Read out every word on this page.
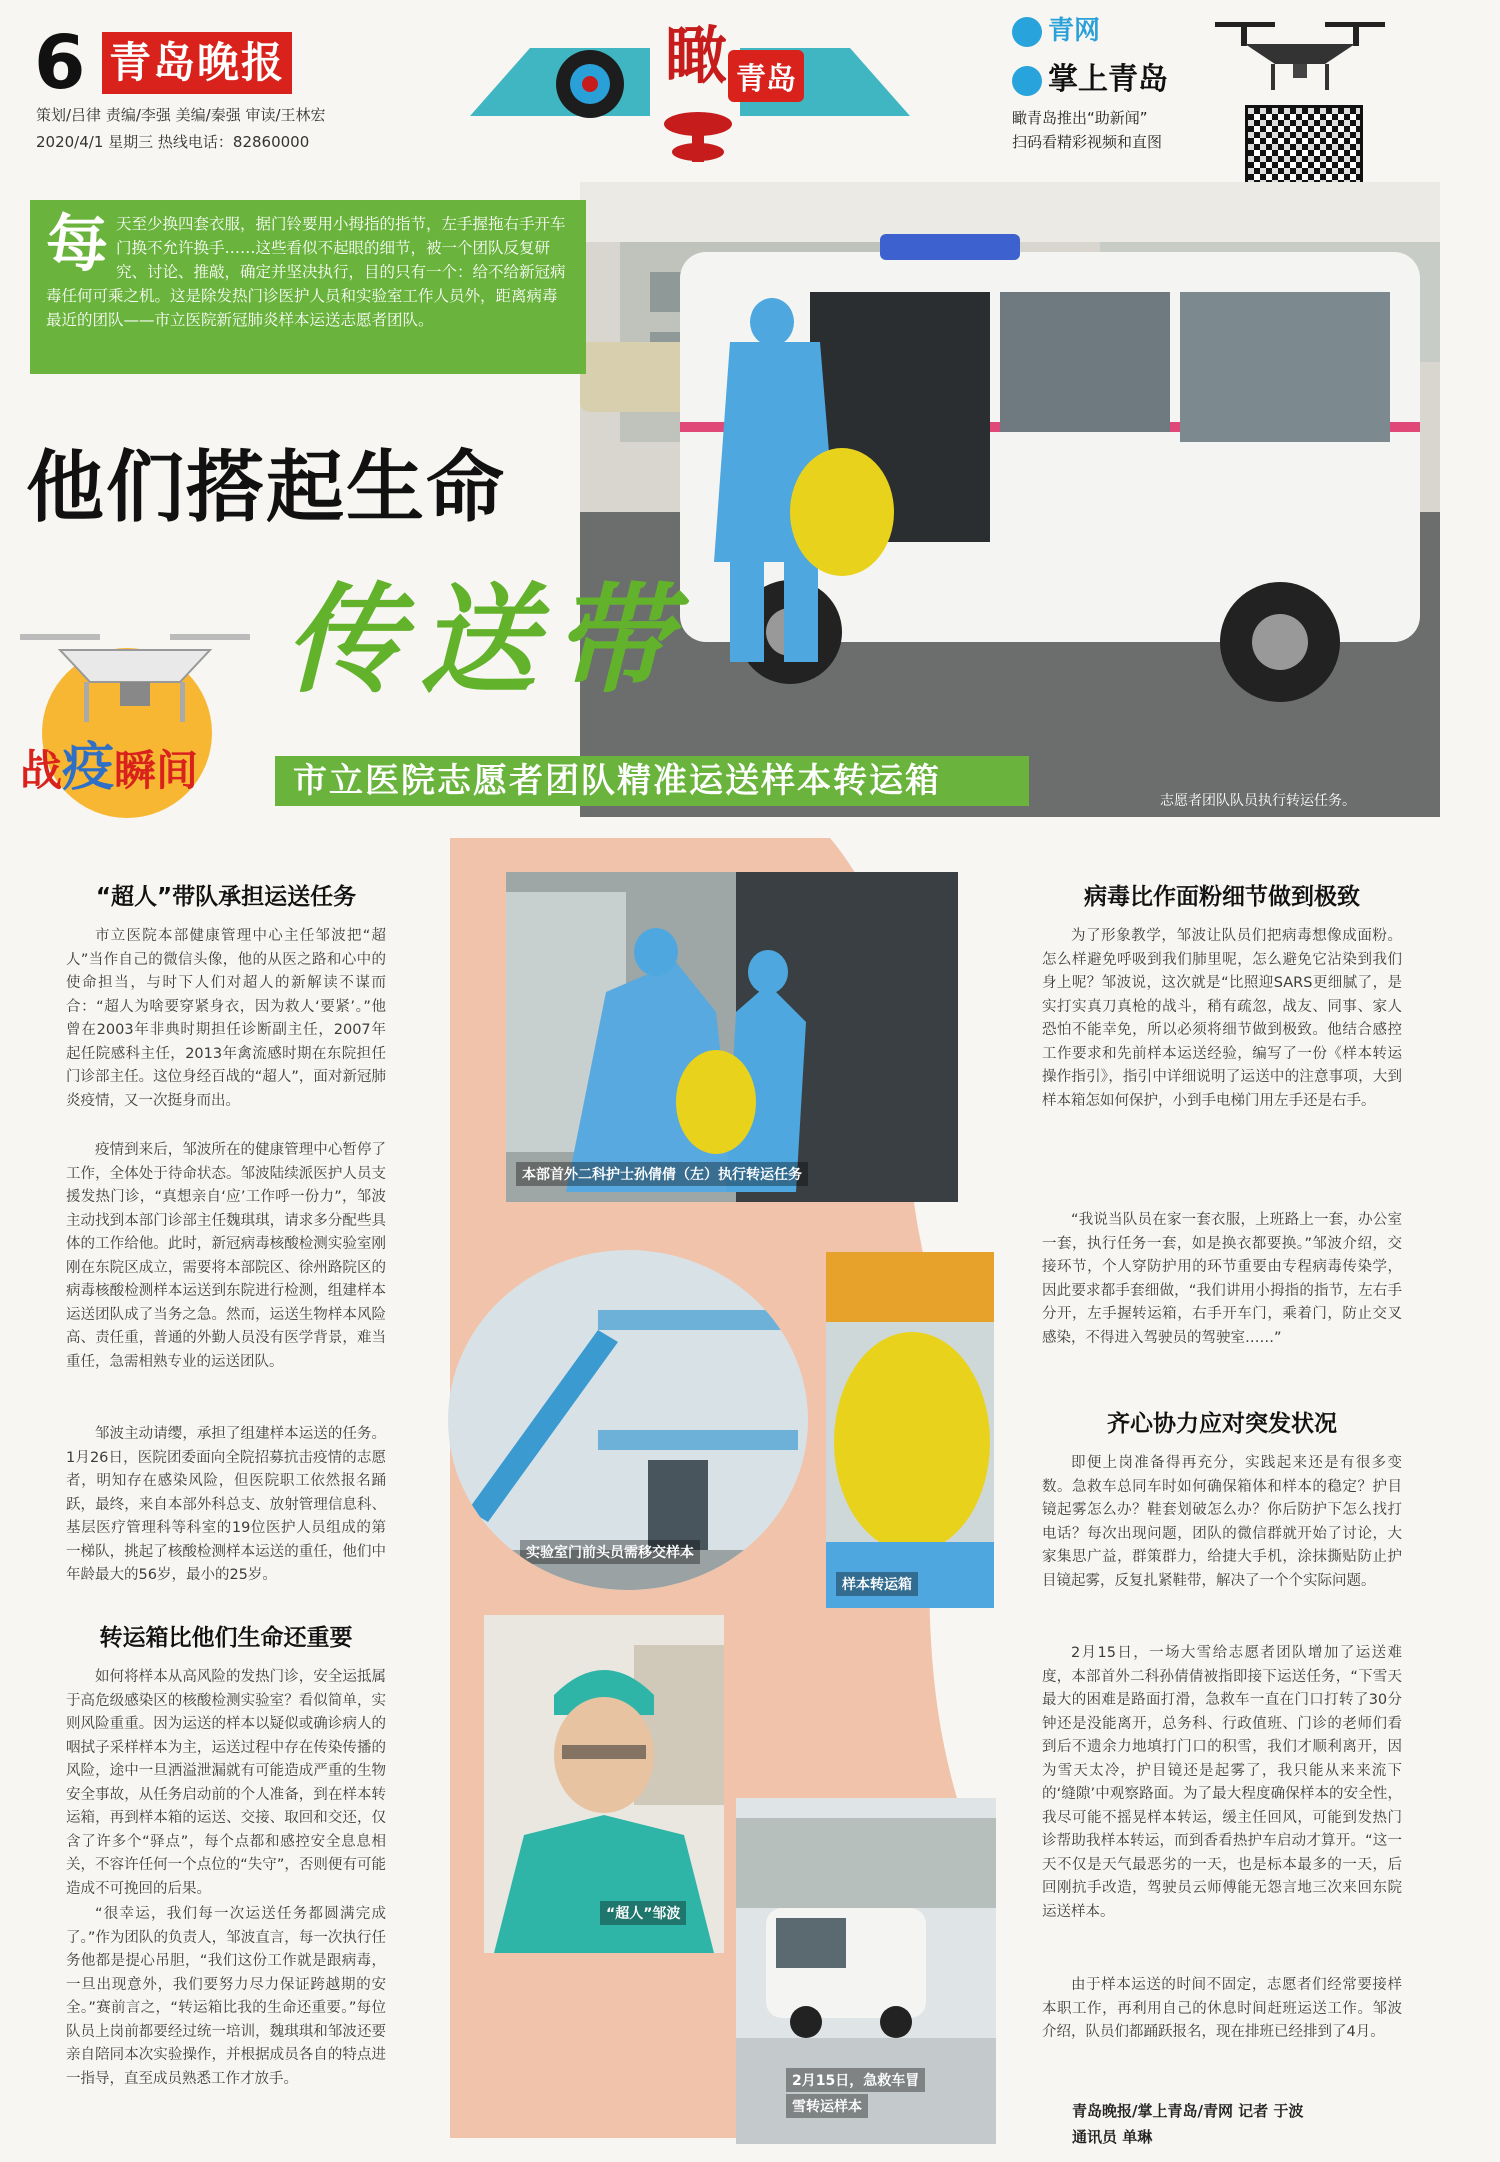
6 青岛晚报
策划/吕律 责编/李强 美编/秦强 审读/王林宏
2020/4/1 星期三 热线电话：82860000
瞰 青岛
青网
掌上青岛
瞰青岛推出“助新闻”
扫码看精彩视频和直图
每 天至少换四套衣服，据门铃要用小拇指的指节，左手握拖右手开车门换不允许换手……这些看似不起眼的细节，被一个团队反复研究、讨论、推敲，确定并坚决执行，目的只有一个：给不给新冠病毒任何可乘之机。这是除发热门诊医护人员和实验室工作人员外，距离病毒最近的团队——市立医院新冠肺炎样本运送志愿者团队。
他们搭起生命
传送带
市立医院志愿者团队精准运送样本转运箱	志愿者团队队员执行转运任务。
战疫瞬间
“超人”带队承担运送任务

市立医院本部健康管理中心主任邹波把“超人”当作自己的微信头像，他的从医之路和心中的使命担当，与时下人们对超人的新解读不谋而合：“超人为啥要穿紧身衣，因为救人‘要紧’。”他曾在2003年非典时期担任诊断副主任，2007年起任院感科主任，2013年禽流感时期在东院担任门诊部主任。这位身经百战的“超人”，面对新冠肺炎疫情，又一次挺身而出。

疫情到来后，邹波所在的健康管理中心暂停了工作，全体处于待命状态。邹波陆续派医护人员支援发热门诊，“真想亲自‘应’工作呼一份力”，邹波主动找到本部门诊部主任魏琪琪，请求多分配些具体的工作给他。此时，新冠病毒核酸检测实验室刚刚在东院区成立，需要将本部院区、徐州路院区的病毒核酸检测样本运送到东院进行检测，组建样本运送团队成了当务之急。然而，运送生物样本风险高、责任重，普通的外勤人员没有医学背景，难当重任，急需相熟专业的运送团队。

邹波主动请缨，承担了组建样本运送的任务。1月26日，医院团委面向全院招募抗击疫情的志愿者，明知存在感染风险，但医院职工依然报名踊跃，最终，来自本部外科总支、放射管理信息科、基层医疗管理科等科室的19位医护人员组成的第一梯队，挑起了核酸检测样本运送的重任，他们中年龄最大的56岁，最小的25岁。

转运箱比他们生命还重要

如何将样本从高风险的发热门诊，安全运抵属于高危级感染区的核酸检测实验室？看似简单，实则风险重重。因为运送的样本以疑似或确诊病人的咽拭子采样样本为主，运送过程中存在传染传播的风险，途中一旦洒溢泄漏就有可能造成严重的生物安全事故，从任务启动前的个人准备，到在样本转运箱，再到样本箱的运送、交接、取回和交还，仅含了许多个“驿点”，每个点都和感控安全息息相关，不容许任何一个点位的“失守”，否则便有可能造成不可挽回的后果。

“很幸运，我们每一次运送任务都圆满完成了。”作为团队的负责人，邹波直言，每一次执行任务他都是提心吊胆，“我们这份工作就是跟病毒，一旦出现意外，我们要努力尽力保证跨越期的安全。”赛前言之，“转运箱比我的生命还重要。”每位队员上岗前都要经过统一培训，魏琪琪和邹波还要亲自陪同本次实验操作，并根据成员各自的特点进一指导，直至成员熟悉工作才放手。

病毒比作面粉细节做到极致

为了形象教学，邹波让队员们把病毒想像成面粉。怎么样避免呼吸到我们肺里呢，怎么避免它沾染到我们身上呢？邹波说，这次就是“比照迎SARS更细腻了，是实打实真刀真枪的战斗，稍有疏忽，战友、同事、家人恐怕不能幸免，所以必须将细节做到极致。他结合感控工作要求和先前样本运送经验，编写了一份《样本转运操作指引》，指引中详细说明了运送中的注意事项，大到样本箱怎如何保护，小到手电梯门用左手还是右手。

“我说当队员在家一套衣服，上班路上一套，办公室一套，执行任务一套，如是换衣都要换。”邹波介绍，交接环节，个人穿防护用的环节重要由专程病毒传染学，因此要求都手套细做，“我们讲用小拇指的指节，左右手分开，左手握转运箱，右手开车门，乘着门，防止交叉感染，不得进入驾驶员的驾驶室……”

齐心协力应对突发状况

即便上岗准备得再充分，实践起来还是有很多变数。急救车总同车时如何确保箱体和样本的稳定？护目镜起雾怎么办？鞋套划破怎么办？你后防护下怎么找打电话？每次出现问题，团队的微信群就开始了讨论，大家集思广益，群策群力，给捷大手机，涂抹撕贴防止护目镜起雾，反复扎紧鞋带，解决了一个个实际问题。

2月15日，一场大雪给志愿者团队增加了运送难度，本部首外二科孙倩倩被指即接下运送任务，“下雪天最大的困难是路面打滑，急救车一直在门口打转了30分钟还是没能离开，总务科、行政值班、门诊的老师们看到后不遗余力地填打门口的积雪，我们才顺利离开，因为雪天太冷，护目镜还是起雾了，我只能从来来流下的‘缝隙’中观察路面。为了最大程度确保样本的安全性，我尽可能不摇晃样本转运，缓主任回风，可能到发热门诊帮助我样本转运，而到香看热护车启动才算开。“这一天不仅是天气最恶劣的一天，也是标本最多的一天，后回刚抗手改造，驾驶员云师傅能无怨言地三次来回东院运送样本。

由于样本运送的时间不固定，志愿者们经常要接样本职工作，再利用自己的休息时间赶班运送工作。邹波介绍，队员们都踊跃报名，现在排班已经排到了4月。

青岛晚报/掌上青岛/青网 记者 于波
通讯员 单琳
本部首外二科护士孙倩倩（左）执行转运任务
实验室门前头员需移交样本
样本转运箱
“超人”邹波
2月15日，急救车冒
雪转运样本
